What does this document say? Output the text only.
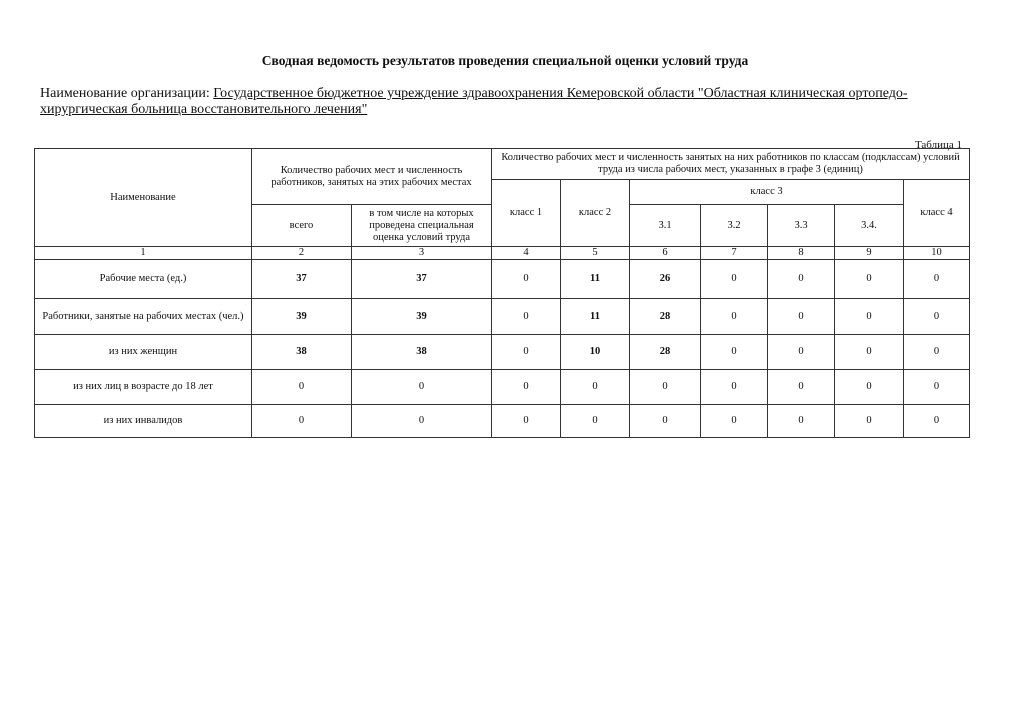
Сводная ведомость результатов проведения специальной оценки условий труда
Наименование организации: Государственное бюджетное учреждение здравоохранения Кемеровской области "Областная клиническая ортопедо-хирургическая больница восстановительного лечения"
Таблица 1
Наименование	Количество рабочих мест и численность работников, занятых на этих рабочих местах		Количество рабочих мест и численность занятых на них работников по классам (подклассам) условий труда из числа рабочих мест, указанных в графе 3 (единиц)						
			класс 1	класс 2	класс 3				класс 4
	всего	в том числе на которых проведена специальная оценка условий труда			3.1	3.2	3.3	3.4.	
1	2	3	4	5	6	7	8	9	10
Рабочие места (ед.)	37	37	0	11	26	0	0	0	0
Работники, занятые на рабочих местах (чел.)	39	39	0	11	28	0	0	0	0
из них женщин	38	38	0	10	28	0	0	0	0
из них лиц в возрасте до 18 лет	0	0	0	0	0	0	0	0	0
из них инвалидов	0	0	0	0	0	0	0	0	0
